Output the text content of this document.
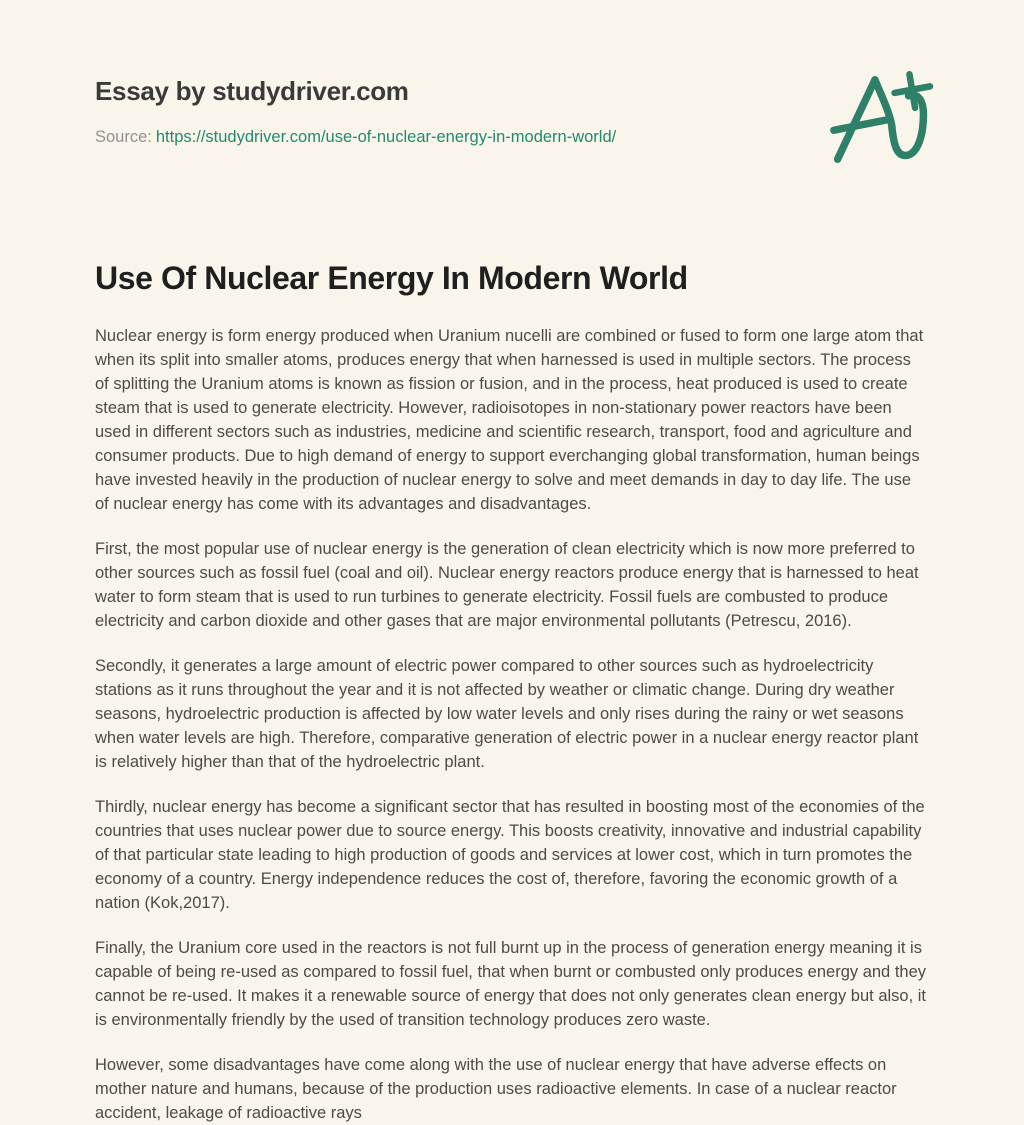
Essay by studydriver.com
Source: https://studydriver.com/use-of-nuclear-energy-in-modern-world/
Use Of Nuclear Energy In Modern World

Nuclear energy is form energy produced when Uranium nucelli are combined or fused to form one large atom that when its split into smaller atoms, produces energy that when harnessed is used in multiple sectors. The process of splitting the Uranium atoms is known as fission or fusion, and in the process, heat produced is used to create steam that is used to generate electricity. However, radioisotopes in non-stationary power reactors have been used in different sectors such as industries, medicine and scientific research, transport, food and agriculture and consumer products. Due to high demand of energy to support everchanging global transformation, human beings have invested heavily in the production of nuclear energy to solve and meet demands in day to day life. The use of nuclear energy has come with its advantages and disadvantages.

First, the most popular use of nuclear energy is the generation of clean electricity which is now more preferred to other sources such as fossil fuel (coal and oil). Nuclear energy reactors produce energy that is harnessed to heat water to form steam that is used to run turbines to generate electricity. Fossil fuels are combusted to produce electricity and carbon dioxide and other gases that are major environmental pollutants (Petrescu, 2016).

Secondly, it generates a large amount of electric power compared to other sources such as hydroelectricity stations as it runs throughout the year and it is not affected by weather or climatic change. During dry weather seasons, hydroelectric production is affected by low water levels and only rises during the rainy or wet seasons when water levels are high. Therefore, comparative generation of electric power in a nuclear energy reactor plant is relatively higher than that of the hydroelectric plant.

Thirdly, nuclear energy has become a significant sector that has resulted in boosting most of the economies of the countries that uses nuclear power due to source energy. This boosts creativity, innovative and industrial capability of that particular state leading to high production of goods and services at lower cost, which in turn promotes the economy of a country. Energy independence reduces the cost of, therefore, favoring the economic growth of a nation (Kok,2017).

Finally, the Uranium core used in the reactors is not full burnt up in the process of generation energy meaning it is capable of being re-used as compared to fossil fuel, that when burnt or combusted only produces energy and they cannot be re-used. It makes it a renewable source of energy that does not only generates clean energy but also, it is environmentally friendly by the used of transition technology produces zero waste.

However, some disadvantages have come along with the use of nuclear energy that have adverse effects on mother nature and humans, because of the production uses radioactive elements. In case of a nuclear reactor accident, leakage of radioactive rays
